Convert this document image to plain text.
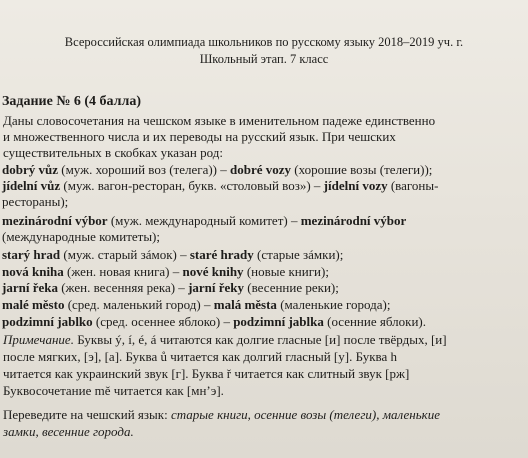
Всероссийская олимпиада школьников по русскому языку 2018–2019 уч. г.
Школьный этап. 7 класс
Задание № 6 (4 балла)
Даны словосочетания на чешском языке в именительном падеже единственно
и множественного числа и их переводы на русский язык. При чешских
существительных в скобках указан род:
dobrý vůz (муж. хороший воз (телега)) – dobré vozy (хорошие возы (телеги));
jídelní vůz (муж. вагон-ресторан, букв. «столовый воз») – jídelní vozy (вагоны-
рестораны);
mezinárodní výbor (муж. международный комитет) – mezinárodní výbor
(международные комитеты);
starý hrad (муж. старый зáмок) – staré hrady (старые зáмки);
nová kniha (жен. новая книга) – nové knihy (новые книги);
jarní řeka (жен. весенняя река) – jarní řeky (весенние реки);
malé město (сред. маленький город) – malá města (маленькие города);
podzimní jablko (сред. осеннее яблоко) – podzimní jablka (осенние яблоки).
Примечание. Буквы ý, í, é, á читаются как долгие гласные [и] после твёрдых, [и]
после мягких, [э], [а]. Буква ů читается как долгий гласный [у]. Буква h
читается как украинский звук [г]. Буква ř читается как слитный звук [рж]
Буквосочетание mě читается как [мн’э].
Переведите на чешский язык: старые книги, осенние возы (телеги), маленькие
замки, весенние города.
